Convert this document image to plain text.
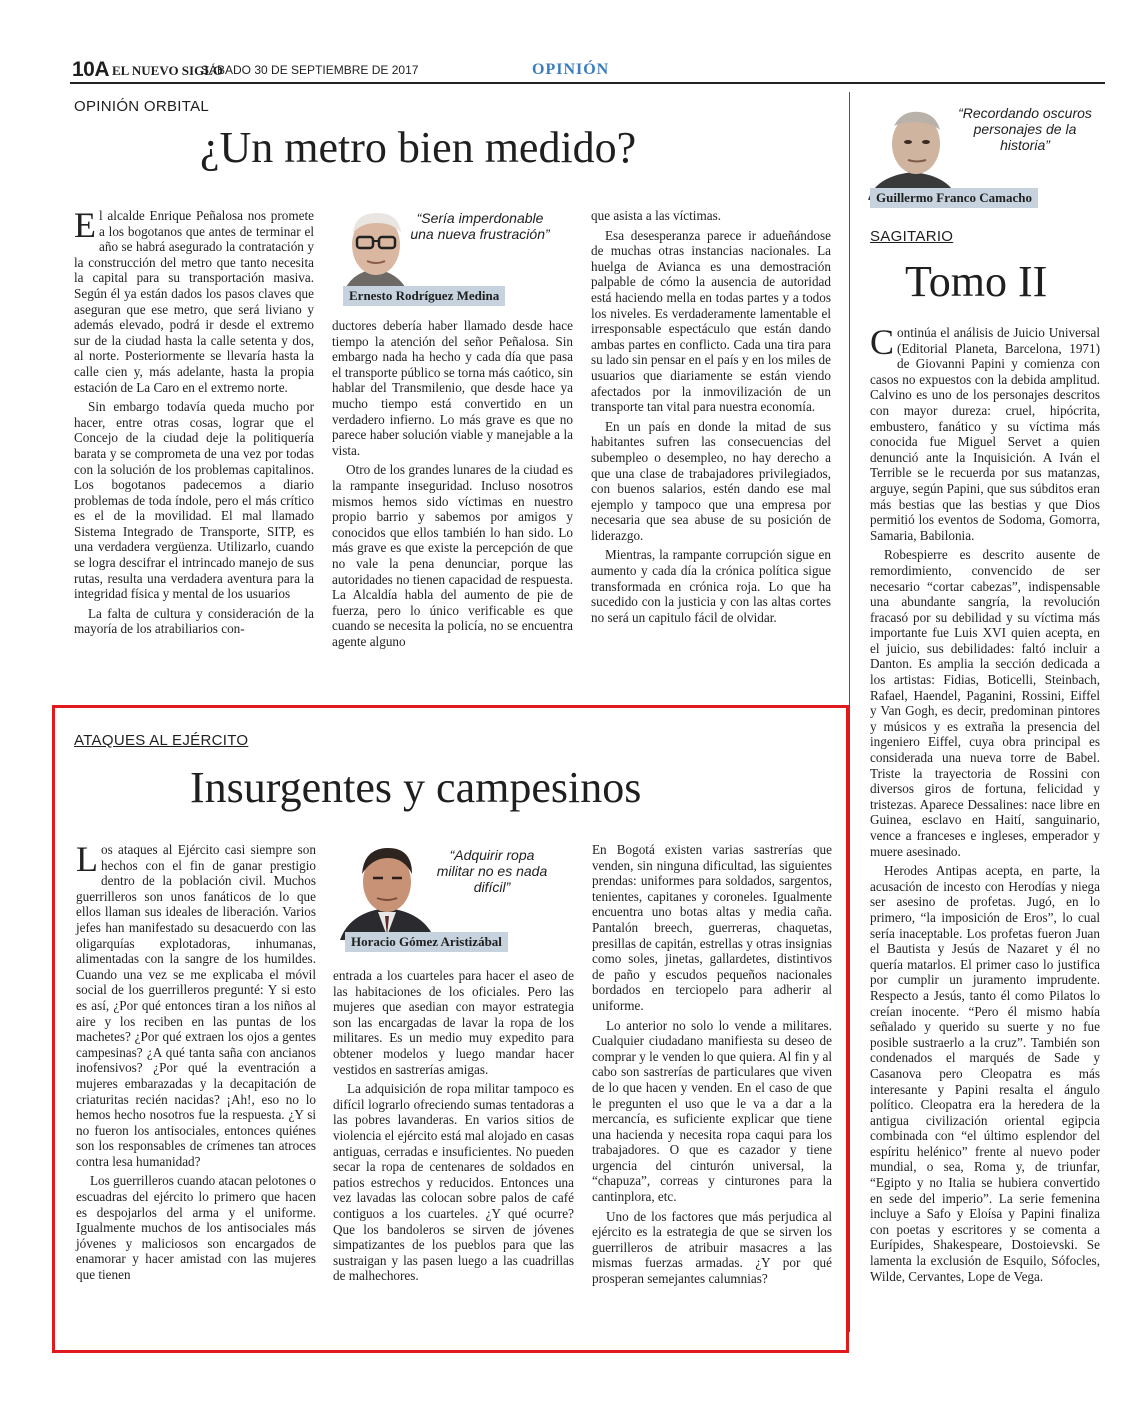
10A EL NUEVO SIGLO
SÁBADO 30 DE SEPTIEMBRE DE 2017	OPINIÓN
OPINIÓN ORBITAL
¿Un metro bien medido?

El alcalde Enrique Peñalosa nos promete a los bogotanos que antes de terminar el año se habrá asegurado la contratación y la construcción del metro que tanto necesita la capital para su transportación masiva. Según él ya están dados los pasos claves que aseguran que ese metro, que será liviano y además elevado, podrá ir desde el extremo sur de la ciudad hasta la calle setenta y dos, al norte. Posteriormente se llevaría hasta la calle cien y, más adelante, hasta la propia estación de La Caro en el extremo norte.

Sin embargo todavía queda mucho por hacer, entre otras cosas, lograr que el Concejo de la ciudad deje la politiquería barata y se comprometa de una vez por todas con la solución de los problemas capitalinos. Los bogotanos padecemos a diario problemas de toda índole, pero el más crítico es el de la movilidad. El mal llamado Sistema Integrado de Transporte, SITP, es una verdadera vergüenza. Utilizarlo, cuando se logra descifrar el intrincado manejo de sus rutas, resulta una verdadera aventura para la integridad física y mental de los usuarios

La falta de cultura y consideración de la mayoría de los atrabiliarios con-

“Sería imperdonable una nueva frustración”
Ernesto Rodríguez Medina

ductores debería haber llamado desde hace tiempo la atención del señor Peñalosa. Sin embargo nada ha hecho y cada día que pasa el transporte público se torna más caótico, sin hablar del Transmilenio, que desde hace ya mucho tiempo está convertido en un verdadero infierno. Lo más grave es que no parece haber solución viable y manejable a la vista.

Otro de los grandes lunares de la ciudad es la rampante inseguridad. Incluso nosotros mismos hemos sido víctimas en nuestro propio barrio y sabemos por amigos y conocidos que ellos también lo han sido. Lo más grave es que existe la percepción de que no vale la pena denunciar, porque las autoridades no tienen capacidad de respuesta. La Alcaldía habla del aumento de pie de fuerza, pero lo único verificable es que cuando se necesita la policía, no se encuentra agente alguno

que asista a las víctimas.

Esa desesperanza parece ir adueñándose de muchas otras instancias nacionales. La huelga de Avianca es una demostración palpable de cómo la ausencia de autoridad está haciendo mella en todas partes y a todos los niveles. Es verdaderamente lamentable el irresponsable espectáculo que están dando ambas partes en conflicto. Cada una tira para su lado sin pensar en el país y en los miles de usuarios que diariamente se están viendo afectados por la inmovilización de un transporte tan vital para nuestra economía.

En un país en donde la mitad de sus habitantes sufren las consecuencias del subempleo o desempleo, no hay derecho a que una clase de trabajadores privilegiados, con buenos salarios, estén dando ese mal ejemplo y tampoco que una empresa por necesaria que sea abuse de su posición de liderazgo.

Mientras, la rampante corrupción sigue en aumento y cada día la crónica política sigue transformada en crónica roja. Lo que ha sucedido con la justicia y con las altas cortes no será un capitulo fácil de olvidar.

ATAQUES AL EJÉRCITO
Insurgentes y campesinos

Los ataques al Ejército casi siempre son hechos con el fin de ganar prestigio dentro de la población civil. Muchos guerrilleros son unos fanáticos de lo que ellos llaman sus ideales de liberación. Varios jefes han manifestado su desacuerdo con las oligarquías explotadoras, inhumanas, alimentadas con la sangre de los humildes. Cuando una vez se me explicaba el móvil social de los guerrilleros pregunté: Y si esto es así, ¿Por qué entonces tiran a los niños al aire y los reciben en las puntas de los machetes? ¿Por qué extraen los ojos a gentes campesinas? ¿A qué tanta saña con ancianos inofensivos? ¿Por qué la eventración a mujeres embarazadas y la decapitación de criaturitas recién nacidas? ¡Ah!, eso no lo hemos hecho nosotros fue la respuesta. ¿Y si no fueron los antisociales, entonces quiénes son los responsables de crímenes tan atroces contra lesa humanidad?

Los guerrilleros cuando atacan pelotones o escuadras del ejército lo primero que hacen es despojarlos del arma y el uniforme. Igualmente muchos de los antisociales más jóvenes y maliciosos son encargados de enamorar y hacer amistad con las mujeres que tienen

“Adquirir ropa militar no es nada difícil”
Horacio Gómez Aristizábal

entrada a los cuarteles para hacer el aseo de las habitaciones de los oficiales. Pero las mujeres que asedian con mayor estrategia son las encargadas de lavar la ropa de los militares. Es un medio muy expedito para obtener modelos y luego mandar hacer vestidos en sastrerías amigas.

La adquisición de ropa militar tampoco es difícil lograrlo ofreciendo sumas tentadoras a las pobres lavanderas. En varios sitios de violencia el ejército está mal alojado en casas antiguas, cerradas e insuficientes. No pueden secar la ropa de centenares de soldados en patios estrechos y reducidos. Entonces una vez lavadas las colocan sobre palos de café contiguos a los cuarteles. ¿Y qué ocurre? Que los bandoleros se sirven de jóvenes simpatizantes de los pueblos para que las sustraigan y las pasen luego a las cuadrillas de malhechores.

En Bogotá existen varias sastrerías que venden, sin ninguna dificultad, las siguientes prendas: uniformes para soldados, sargentos, tenientes, capitanes y coroneles. Igualmente encuentra uno botas altas y media caña. Pantalón breech, guerreras, chaquetas, presillas de capitán, estrellas y otras insignias como soles, jinetas, gallardetes, distintivos de paño y escudos pequeños nacionales bordados en terciopelo para adherir al uniforme.

Lo anterior no solo lo vende a militares. Cualquier ciudadano manifiesta su deseo de comprar y le venden lo que quiera. Al fin y al cabo son sastrerías de particulares que viven de lo que hacen y venden. En el caso de que le pregunten el uso que le va a dar a la mercancía, es suficiente explicar que tiene una hacienda y necesita ropa caqui para los trabajadores. O que es cazador y tiene urgencia del cinturón universal, la “chapuza”, correas y cinturones para la cantinplora, etc.

Uno de los factores que más perjudica al ejército es la estrategia de que se sirven los guerrilleros de atribuir masacres a las mismas fuerzas armadas. ¿Y por qué prosperan semejantes calumnias?

“Recordando oscuros personajes de la historia”
Guillermo Franco Camacho
SAGITARIO
Tomo II

Continúa el análisis de Juicio Universal (Editorial Planeta, Barcelona, 1971) de Giovanni Papini y comienza con casos no expuestos con la debida amplitud. Calvino es uno de los personajes descritos con mayor dureza: cruel, hipócrita, embustero, fanático y su víctima más conocida fue Miguel Servet a quien denunció ante la Inquisición. A Iván el Terrible se le recuerda por sus matanzas, arguye, según Papini, que sus súbditos eran más bestias que las bestias y que Dios permitió los eventos de Sodoma, Gomorra, Samaria, Babilonia.

Robespierre es descrito ausente de remordimiento, convencido de ser necesario “cortar cabezas”, indispensable una abundante sangría, la revolución fracasó por su debilidad y su víctima más importante fue Luis XVI quien acepta, en el juicio, sus debilidades: faltó incluir a Danton. Es amplia la sección dedicada a los artistas: Fidias, Boticelli, Steinbach, Rafael, Haendel, Paganini, Rossini, Eiffel y Van Gogh, es decir, predominan pintores y músicos y es extraña la presencia del ingeniero Eiffel, cuya obra principal es considerada una nueva torre de Babel. Triste la trayectoria de Rossini con diversos giros de fortuna, felicidad y tristezas. Aparece Dessalines: nace libre en Guinea, esclavo en Haití, sanguinario, vence a franceses e ingleses, emperador y muere asesinado.

Herodes Antipas acepta, en parte, la acusación de incesto con Herodías y niega ser asesino de profetas. Jugó, en lo primero, “la imposición de Eros”, lo cual sería inaceptable. Los profetas fueron Juan el Bautista y Jesús de Nazaret y él no quería matarlos. El primer caso lo justifica por cumplir un juramento imprudente. Respecto a Jesús, tanto él como Pilatos lo creían inocente. “Pero él mismo había señalado y querido su suerte y no fue posible sustraerlo a la cruz”. También son condenados el marqués de Sade y Casanova pero Cleopatra es más interesante y Papini resalta el ángulo político. Cleopatra era la heredera de la antigua civilización oriental egipcia combinada con “el último esplendor del espíritu helénico” frente al nuevo poder mundial, o sea, Roma y, de triunfar, “Egipto y no Italia se hubiera convertido en sede del imperio”. La serie femenina incluye a Safo y Eloísa y Papini finaliza con poetas y escritores y se comenta a Eurípides, Shakespeare, Dostoievski. Se lamenta la exclusión de Esquilo, Sófocles, Wilde, Cervantes, Lope de Vega.
